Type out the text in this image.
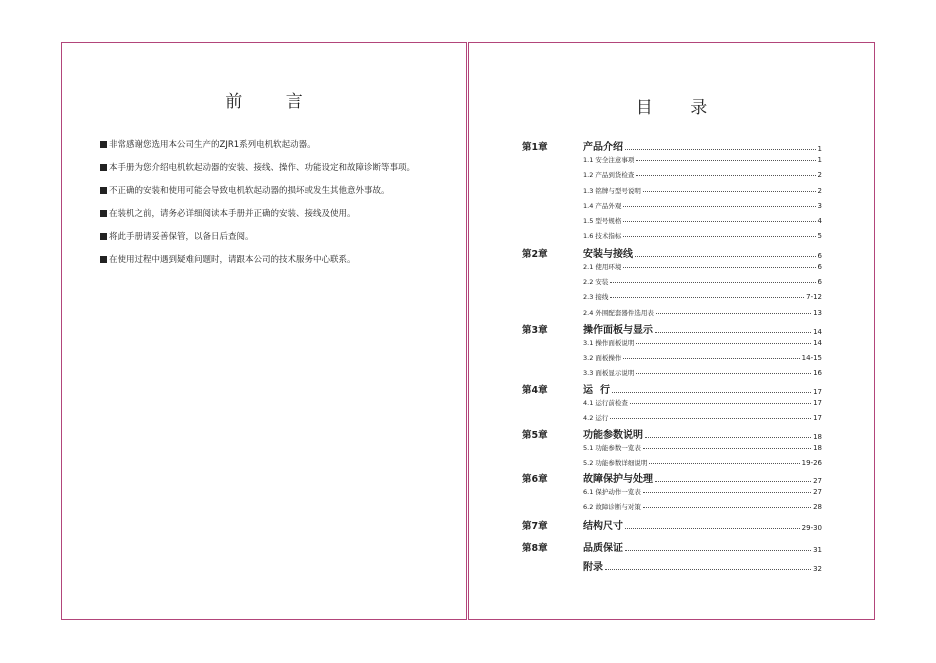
前 言
非常感谢您选用本公司生产的ZJR1系列电机软起动器。
本手册为您介绍电机软起动器的安装、接线、操作、功能设定和故障诊断等事项。
不正确的安装和使用可能会导致电机软起动器的损坏或发生其他意外事故。
在装机之前，请务必详细阅读本手册并正确的安装、接线及使用。
将此手册请妥善保管，以备日后查阅。
在使用过程中遇到疑难问题时，请跟本公司的技术服务中心联系。
目 录
第1章	产品介绍	1
1.1 安全注意事项	1
1.2 产品到货检查	2
1.3 铭牌与型号说明	2
1.4 产品外观	3
1.5 型号规格	4
1.6 技术指标	5
第2章	安装与接线	6
2.1 使用环境	6
2.2 安装	6
2.3 接线	7-12
2.4 外围配套器件选用表	13
第3章	操作面板与显示	14
3.1 操作面板说明	14
3.2 面板操作	14-15
3.3 面板显示说明	16
第4章	运  行	17
4.1 运行前检查	17
4.2 运行	17
第5章	功能参数说明	18
5.1 功能参数一览表	18
5.2 功能参数详细说明	19-26
第6章	故障保护与处理	27
6.1 保护动作一览表	27
6.2 故障诊断与对策	28
第7章	结构尺寸	29-30
第8章	品质保证	31
附录	32
